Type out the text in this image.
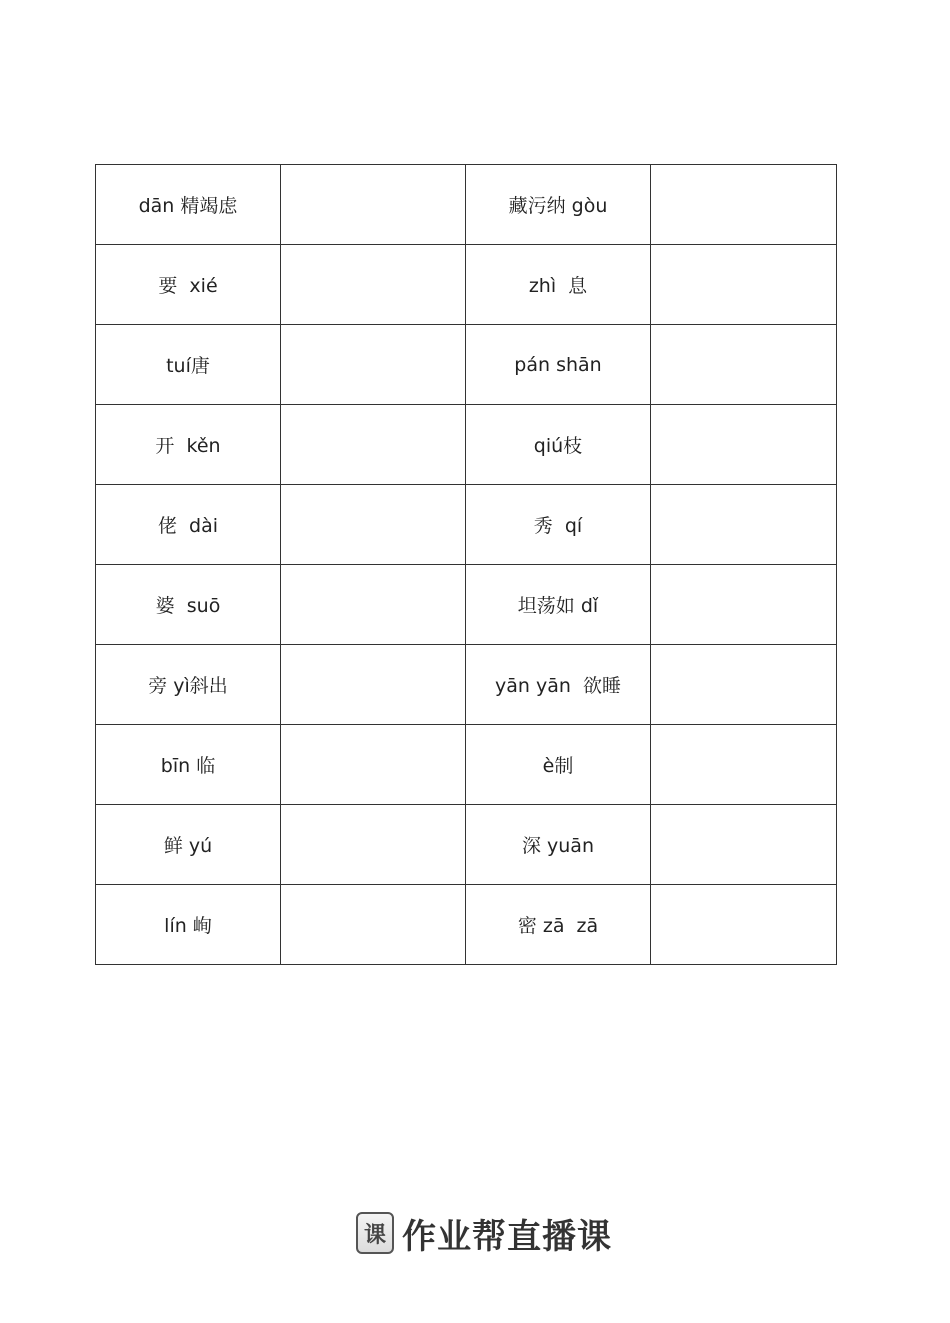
dān 精竭虑		藏污纳 gòu	
要  xié		zhì  息	
tuí唐		pán shān	
开  kěn		qiú枝	
佬  dài		秀  qí	
婆  suō		坦荡如 dǐ	
旁 yì斜出		yān yān  欲睡	
bīn 临		è制	
鲜 yú		深 yuān	
lín 峋		密 zā  zā	
课 作业帮直播课
